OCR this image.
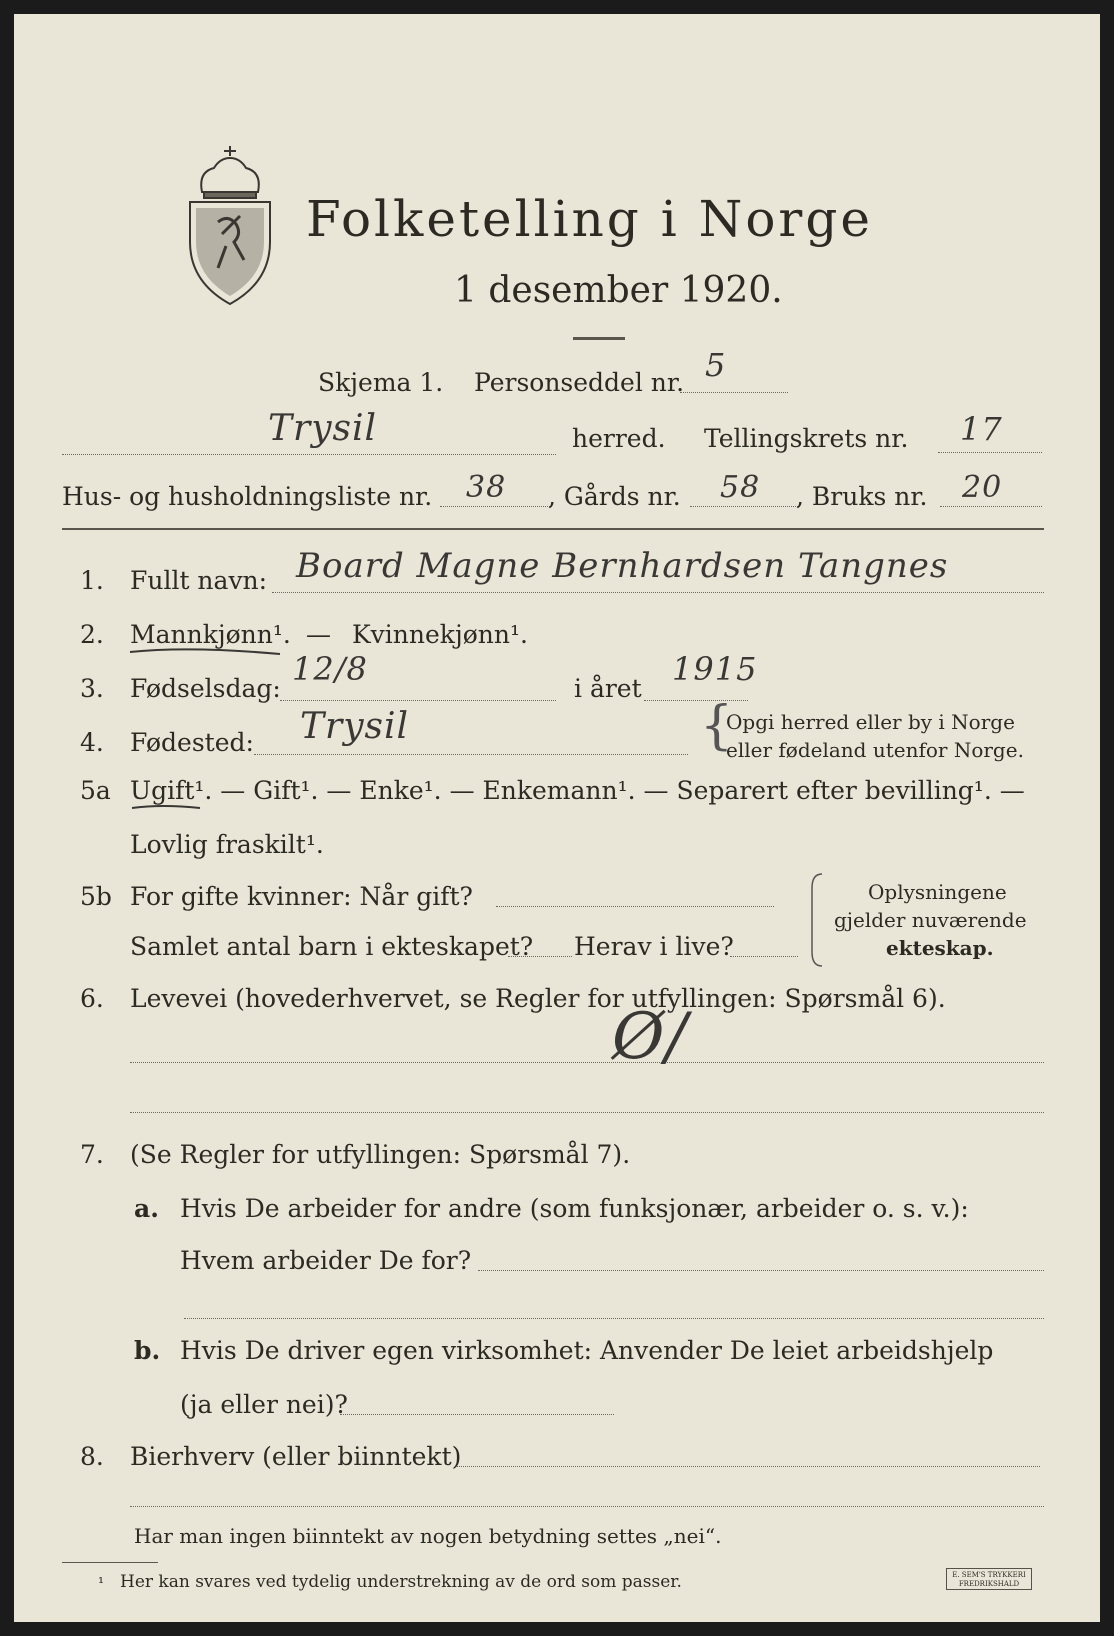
Folketelling i Norge
1 desember 1920.
Skjema 1. Personseddel nr. 5
Trysil	herred. Tellingskrets nr. 17
Hus- og husholdningsliste nr. 38 , Gårds nr. 58 , Bruks nr. 20
1. Fullt navn: Board Magne Bernhardsen Tangnes
2. Mannkjønn¹. — Kvinnekjønn¹.
3. Fødselsdag:
12/8
i året
1915
4. Fødested: Trysil	{
Opgi herred eller by i Norge
eller fødeland utenfor Norge.
5a Ugift¹. — Gift¹. — Enke¹. — Enkemann¹. — Separert efter bevilling¹. —
Lovlig fraskilt¹.
5b For gifte kvinner: Når gift?
Samlet antal barn i ekteskapet? Herav i live?
Oplysningene
gjelder nuværende
ekteskap.
6. Levevei (hovederhvervet, se Regler for utfyllingen: Spørsmål 6).
Ø/
7. (Se Regler for utfyllingen: Spørsmål 7).
a. Hvis De arbeider for andre (som funksjonær, arbeider o. s. v.):
Hvem arbeider De for?
b. Hvis De driver egen virksomhet: Anvender De leiet arbeidshjelp
(ja eller nei)?
8. Bierhverv (eller biinntekt)
Har man ingen biinntekt av nogen betydning settes „nei“.
¹ Her kan svares ved tydelig understrekning av de ord som passer.	E. SEM'S TRYKKERI
FREDRIKSHALD
